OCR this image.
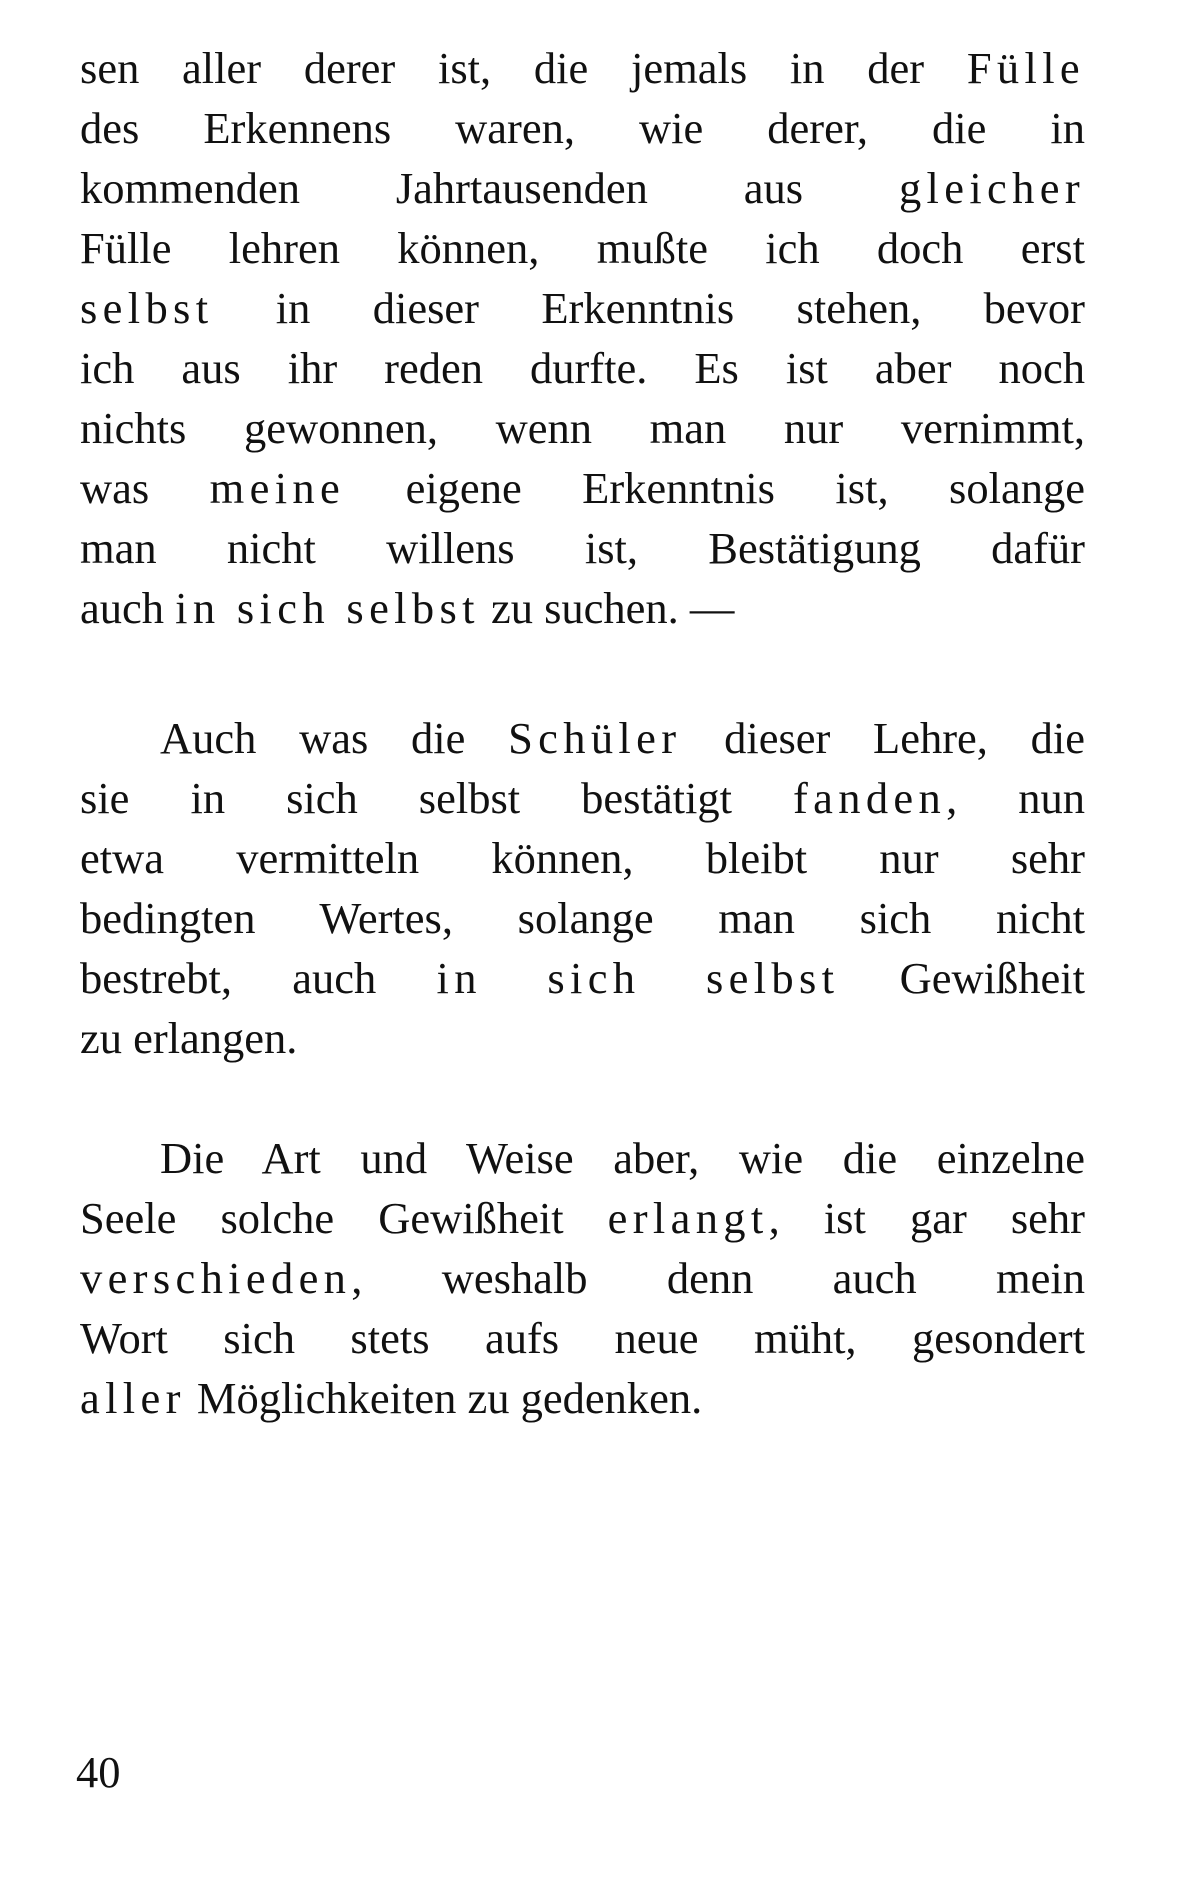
sen aller derer ist, die jemals in der Fülle
des Erkennens waren, wie derer, die in
kommenden Jahrtausenden aus gleicher
Fülle lehren können, mußte ich doch erst
selbst in dieser Erkenntnis stehen, bevor
ich aus ihr reden durfte. Es ist aber noch
nichts gewonnen, wenn man nur vernimmt,
was meine eigene Erkenntnis ist, solange
man nicht willens ist, Bestätigung dafür
auch in sich selbst zu suchen. —
Auch was die Schüler dieser Lehre, die
sie in sich selbst bestätigt fanden, nun
etwa vermitteln können, bleibt nur sehr
bedingten Wertes, solange man sich nicht
bestrebt, auch in sich selbst Gewißheit
zu erlangen.
Die Art und Weise aber, wie die einzelne
Seele solche Gewißheit erlangt, ist gar sehr
verschieden, weshalb denn auch mein
Wort sich stets aufs neue müht, gesondert
aller Möglichkeiten zu gedenken.
40
